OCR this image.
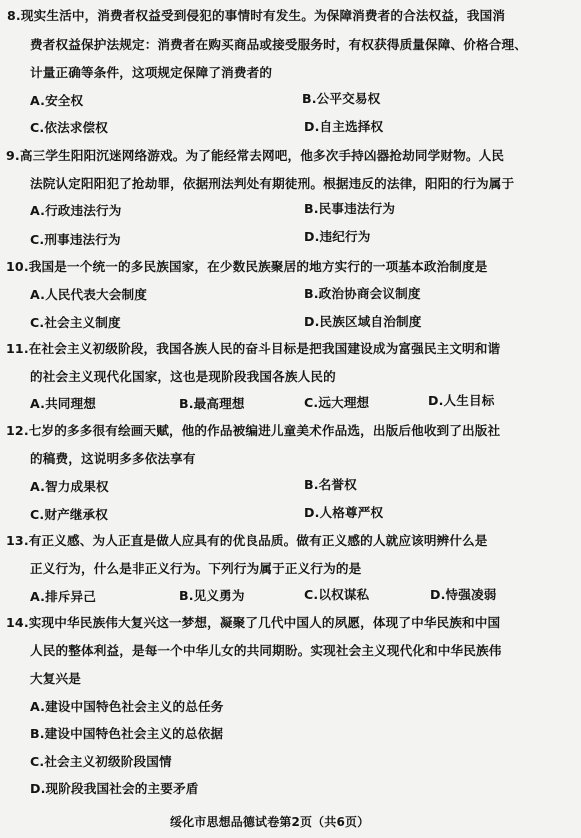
8.现实生活中，消费者权益受到侵犯的事情时有发生。为保障消费者的合法权益，我国消
费者权益保护法规定：消费者在购买商品或接受服务时，有权获得质量保障、价格合理、
计量正确等条件，这项规定保障了消费者的
A.安全权	B.公平交易权
C.依法求偿权	D.自主选择权
9.高三学生阳阳沉迷网络游戏。为了能经常去网吧，他多次手持凶器抢劫同学财物。人民
法院认定阳阳犯了抢劫罪，依据刑法判处有期徒刑。根据违反的法律，阳阳的行为属于
A.行政违法行为	B.民事违法行为
C.刑事违法行为	D.违纪行为
10.我国是一个统一的多民族国家，在少数民族聚居的地方实行的一项基本政治制度是
A.人民代表大会制度	B.政治协商会议制度
C.社会主义制度	D.民族区域自治制度
11.在社会主义初级阶段，我国各族人民的奋斗目标是把我国建设成为富强民主文明和谐
的社会主义现代化国家，这也是现阶段我国各族人民的
A.共同理想	B.最高理想	C.远大理想	D.人生目标
12.七岁的多多很有绘画天赋，他的作品被编进儿童美术作品选，出版后他收到了出版社
的稿费，这说明多多依法享有
A.智力成果权	B.名誉权
C.财产继承权	D.人格尊严权
13.有正义感、为人正直是做人应具有的优良品质。做有正义感的人就应该明辨什么是
正义行为，什么是非正义行为。下列行为属于正义行为的是
A.排斥异己	B.见义勇为	C.以权谋私	D.恃强凌弱
14.实现中华民族伟大复兴这一梦想，凝聚了几代中国人的夙愿，体现了中华民族和中国
人民的整体利益，是每一个中华儿女的共同期盼。实现社会主义现代化和中华民族伟
大复兴是
A.建设中国特色社会主义的总任务
B.建设中国特色社会主义的总依据
C.社会主义初级阶段国情
D.现阶段我国社会的主要矛盾
绥化市思想品德试卷第2页（共6页）
